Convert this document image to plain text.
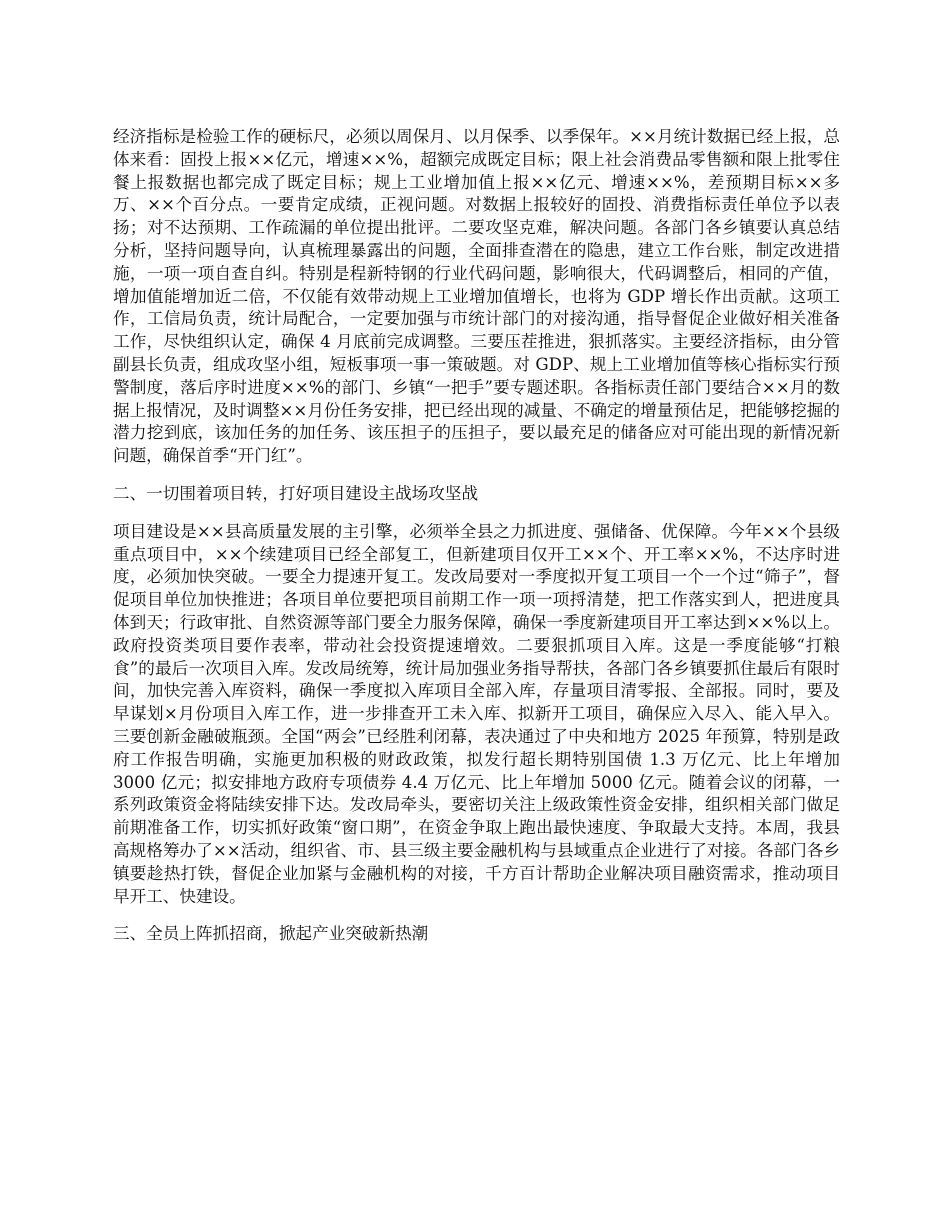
经济指标是检验工作的硬标尺，必须以周保月、以月保季、以季保年。××月统计数据已经上报，总体来看：固投上报××亿元，增速××%，超额完成既定目标；限上社会消费品零售额和限上批零住餐上报数据也都完成了既定目标；规上工业增加值上报××亿元、增速××%，差预期目标××多万、××个百分点。一要肯定成绩，正视问题。对数据上报较好的固投、消费指标责任单位予以表扬；对不达预期、工作疏漏的单位提出批评。二要攻坚克难，解决问题。各部门各乡镇要认真总结分析，坚持问题导向，认真梳理暴露出的问题，全面排查潜在的隐患，建立工作台账，制定改进措施，一项一项自查自纠。特别是程新特钢的行业代码问题，影响很大，代码调整后，相同的产值，增加值能增加近二倍，不仅能有效带动规上工业增加值增长，也将为 GDP 增长作出贡献。这项工作，工信局负责，统计局配合，一定要加强与市统计部门的对接沟通，指导督促企业做好相关准备工作，尽快组织认定，确保 4 月底前完成调整。三要压茬推进，狠抓落实。主要经济指标，由分管副县长负责，组成攻坚小组，短板事项一事一策破题。对 GDP、规上工业增加值等核心指标实行预警制度，落后序时进度××%的部门、乡镇“一把手”要专题述职。各指标责任部门要结合××月的数据上报情况，及时调整××月份任务安排，把已经出现的减量、不确定的增量预估足，把能够挖掘的潜力挖到底，该加任务的加任务、该压担子的压担子，要以最充足的储备应对可能出现的新情况新问题，确保首季“开门红”。

二、一切围着项目转，打好项目建设主战场攻坚战

项目建设是××县高质量发展的主引擎，必须举全县之力抓进度、强储备、优保障。今年××个县级重点项目中，××个续建项目已经全部复工，但新建项目仅开工××个、开工率××%，不达序时进度，必须加快突破。一要全力提速开复工。发改局要对一季度拟开复工项目一个一个过“筛子”，督促项目单位加快推进；各项目单位要把项目前期工作一项一项捋清楚，把工作落实到人，把进度具体到天；行政审批、自然资源等部门要全力服务保障，确保一季度新建项目开工率达到××%以上。政府投资类项目要作表率，带动社会投资提速增效。二要狠抓项目入库。这是一季度能够“打粮食”的最后一次项目入库。发改局统筹，统计局加强业务指导帮扶，各部门各乡镇要抓住最后有限时间，加快完善入库资料，确保一季度拟入库项目全部入库，存量项目清零报、全部报。同时，要及早谋划×月份项目入库工作，进一步排查开工未入库、拟新开工项目，确保应入尽入、能入早入。三要创新金融破瓶颈。全国“两会”已经胜利闭幕，表决通过了中央和地方 2025 年预算，特别是政府工作报告明确，实施更加积极的财政政策，拟发行超长期特别国债 1.3 万亿元、比上年增加 3000 亿元；拟安排地方政府专项债券 4.4 万亿元、比上年增加 5000 亿元。随着会议的闭幕，一系列政策资金将陆续安排下达。发改局牵头，要密切关注上级政策性资金安排，组织相关部门做足前期准备工作，切实抓好政策“窗口期”，在资金争取上跑出最快速度、争取最大支持。本周，我县高规格筹办了××活动，组织省、市、县三级主要金融机构与县域重点企业进行了对接。各部门各乡镇要趁热打铁，督促企业加紧与金融机构的对接，千方百计帮助企业解决项目融资需求，推动项目早开工、快建设。

三、全员上阵抓招商，掀起产业突破新热潮
